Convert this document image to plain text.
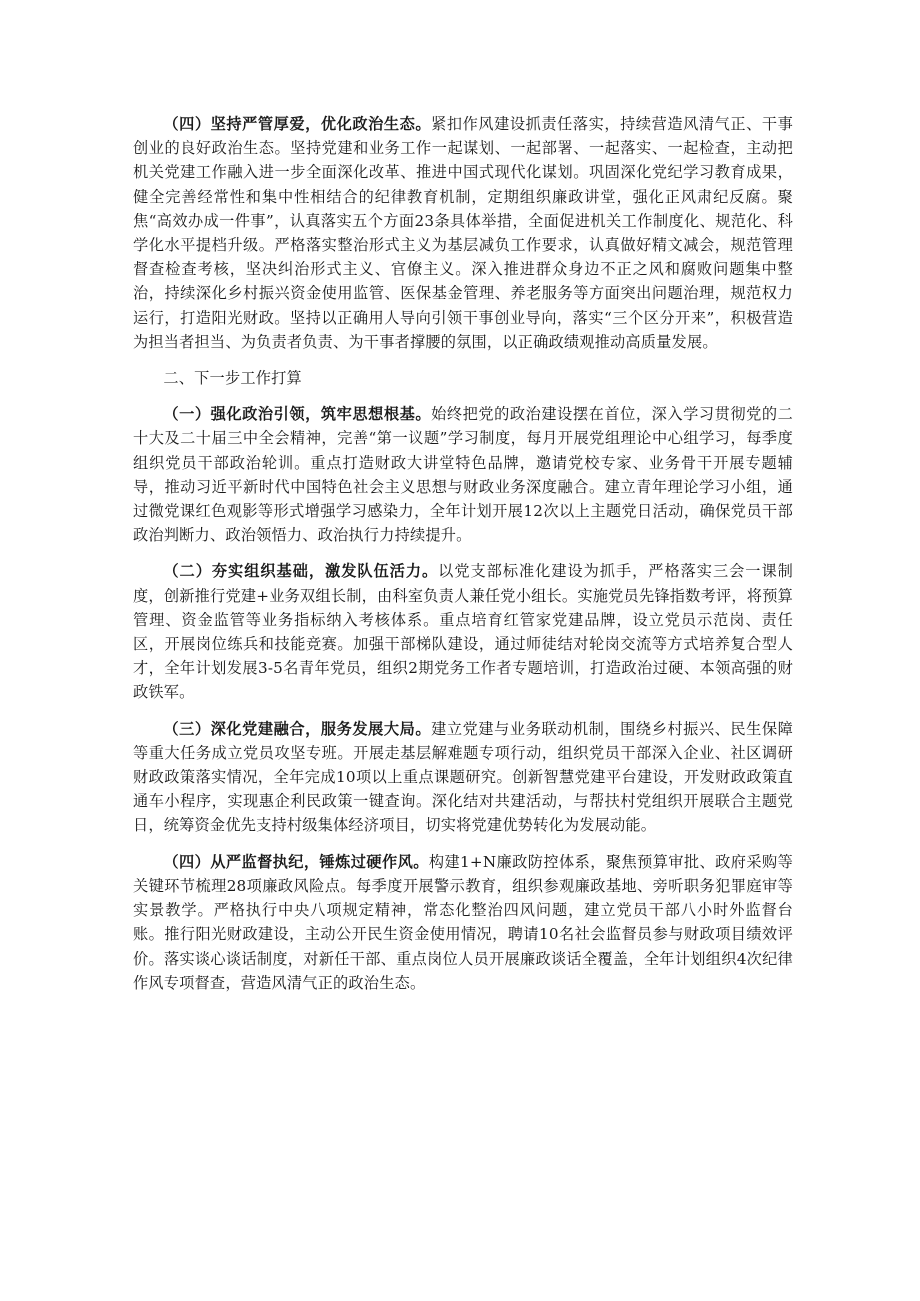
（四）坚持严管厚爱，优化政治生态。紧扣作风建设抓责任落实，持续营造风清气正、干事创业的良好政治生态。坚持党建和业务工作一起谋划、一起部署、一起落实、一起检查，主动把机关党建工作融入进一步全面深化改革、推进中国式现代化谋划。巩固深化党纪学习教育成果，健全完善经常性和集中性相结合的纪律教育机制，定期组织廉政讲堂，强化正风肃纪反腐。聚焦“高效办成一件事”，认真落实五个方面23条具体举措，全面促进机关工作制度化、规范化、科学化水平提档升级。严格落实整治形式主义为基层减负工作要求，认真做好精文减会，规范管理督查检查考核，坚决纠治形式主义、官僚主义。深入推进群众身边不正之风和腐败问题集中整治，持续深化乡村振兴资金使用监管、医保基金管理、养老服务等方面突出问题治理，规范权力运行，打造阳光财政。坚持以正确用人导向引领干事创业导向，落实“三个区分开来”，积极营造为担当者担当、为负责者负责、为干事者撑腰的氛围，以正确政绩观推动高质量发展。

二、下一步工作打算

（一）强化政治引领，筑牢思想根基。始终把党的政治建设摆在首位，深入学习贯彻党的二十大及二十届三中全会精神，完善“第一议题”学习制度，每月开展党组理论中心组学习，每季度组织党员干部政治轮训。重点打造财政大讲堂特色品牌，邀请党校专家、业务骨干开展专题辅导，推动习近平新时代中国特色社会主义思想与财政业务深度融合。建立青年理论学习小组，通过微党课红色观影等形式增强学习感染力，全年计划开展12次以上主题党日活动，确保党员干部政治判断力、政治领悟力、政治执行力持续提升。

（二）夯实组织基础，激发队伍活力。以党支部标准化建设为抓手，严格落实三会一课制度，创新推行党建+业务双组长制，由科室负责人兼任党小组长。实施党员先锋指数考评，将预算管理、资金监管等业务指标纳入考核体系。重点培育红管家党建品牌，设立党员示范岗、责任区，开展岗位练兵和技能竞赛。加强干部梯队建设，通过师徒结对轮岗交流等方式培养复合型人才，全年计划发展3-5名青年党员，组织2期党务工作者专题培训，打造政治过硬、本领高强的财政铁军。

（三）深化党建融合，服务发展大局。建立党建与业务联动机制，围绕乡村振兴、民生保障等重大任务成立党员攻坚专班。开展走基层解难题专项行动，组织党员干部深入企业、社区调研财政政策落实情况，全年完成10项以上重点课题研究。创新智慧党建平台建设，开发财政政策直通车小程序，实现惠企利民政策一键查询。深化结对共建活动，与帮扶村党组织开展联合主题党日，统筹资金优先支持村级集体经济项目，切实将党建优势转化为发展动能。

（四）从严监督执纪，锤炼过硬作风。构建1+N廉政防控体系，聚焦预算审批、政府采购等关键环节梳理28项廉政风险点。每季度开展警示教育，组织参观廉政基地、旁听职务犯罪庭审等实景教学。严格执行中央八项规定精神，常态化整治四风问题，建立党员干部八小时外监督台账。推行阳光财政建设，主动公开民生资金使用情况，聘请10名社会监督员参与财政项目绩效评价。落实谈心谈话制度，对新任干部、重点岗位人员开展廉政谈话全覆盖，全年计划组织4次纪律作风专项督查，营造风清气正的政治生态。
